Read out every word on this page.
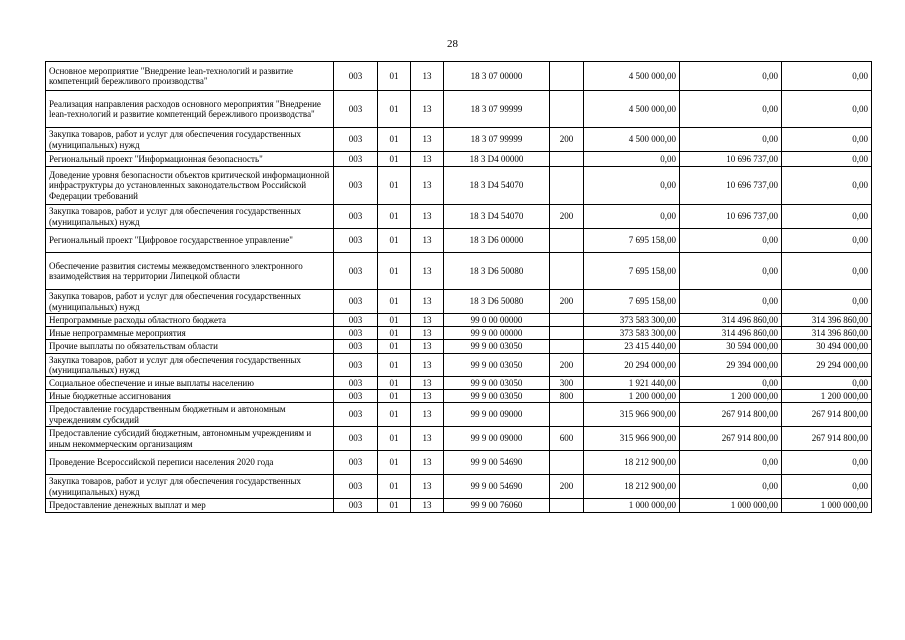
28
Основное мероприятие "Внедрение lean-технологий и развитие компетенций бережливого производства"	003	01	13	18 3 07 00000		4 500 000,00	0,00	0,00
Реализация направления расходов основного мероприятия "Внедрение lean-технологий и развитие компетенций бережливого производства"	003	01	13	18 3 07 99999		4 500 000,00	0,00	0,00
Закупка товаров, работ и услуг для обеспечения государственных (муниципальных) нужд	003	01	13	18 3 07 99999	200	4 500 000,00	0,00	0,00
Региональный проект "Информационная безопасность"	003	01	13	18 3 D4 00000		0,00	10 696 737,00	0,00
Доведение уровня безопасности объектов критической информационной инфраструктуры до установленных законодательством Российской Федерации требований	003	01	13	18 3 D4 54070		0,00	10 696 737,00	0,00
Закупка товаров, работ и услуг для обеспечения государственных (муниципальных) нужд	003	01	13	18 3 D4 54070	200	0,00	10 696 737,00	0,00
Региональный проект "Цифровое государственное управление"	003	01	13	18 3 D6 00000		7 695 158,00	0,00	0,00
Обеспечение развития системы межведомственного электронного взаимодействия на территории Липецкой области	003	01	13	18 3 D6 50080		7 695 158,00	0,00	0,00
Закупка товаров, работ и услуг для обеспечения государственных (муниципальных) нужд	003	01	13	18 3 D6 50080	200	7 695 158,00	0,00	0,00
Непрограммные расходы областного бюджета	003	01	13	99 0 00 00000		373 583 300,00	314 496 860,00	314 396 860,00
Иные непрограммные мероприятия	003	01	13	99 9 00 00000		373 583 300,00	314 496 860,00	314 396 860,00
Прочие выплаты по обязательствам области	003	01	13	99 9 00 03050		23 415 440,00	30 594 000,00	30 494 000,00
Закупка товаров, работ и услуг для обеспечения государственных (муниципальных) нужд	003	01	13	99 9 00 03050	200	20 294 000,00	29 394 000,00	29 294 000,00
Социальное обеспечение и иные выплаты населению	003	01	13	99 9 00 03050	300	1 921 440,00	0,00	0,00
Иные бюджетные ассигнования	003	01	13	99 9 00 03050	800	1 200 000,00	1 200 000,00	1 200 000,00
Предоставление государственным бюджетным и автономным учреждениям субсидий	003	01	13	99 9 00 09000		315 966 900,00	267 914 800,00	267 914 800,00
Предоставление субсидий бюджетным, автономным учреждениям и иным некоммерческим организациям	003	01	13	99 9 00 09000	600	315 966 900,00	267 914 800,00	267 914 800,00
Проведение Всероссийской переписи населения 2020 года	003	01	13	99 9 00 54690		18 212 900,00	0,00	0,00
Закупка товаров, работ и услуг для обеспечения государственных (муниципальных) нужд	003	01	13	99 9 00 54690	200	18 212 900,00	0,00	0,00
Предоставление денежных выплат и мер	003	01	13	99 9 00 76060		1 000 000,00	1 000 000,00	1 000 000,00
